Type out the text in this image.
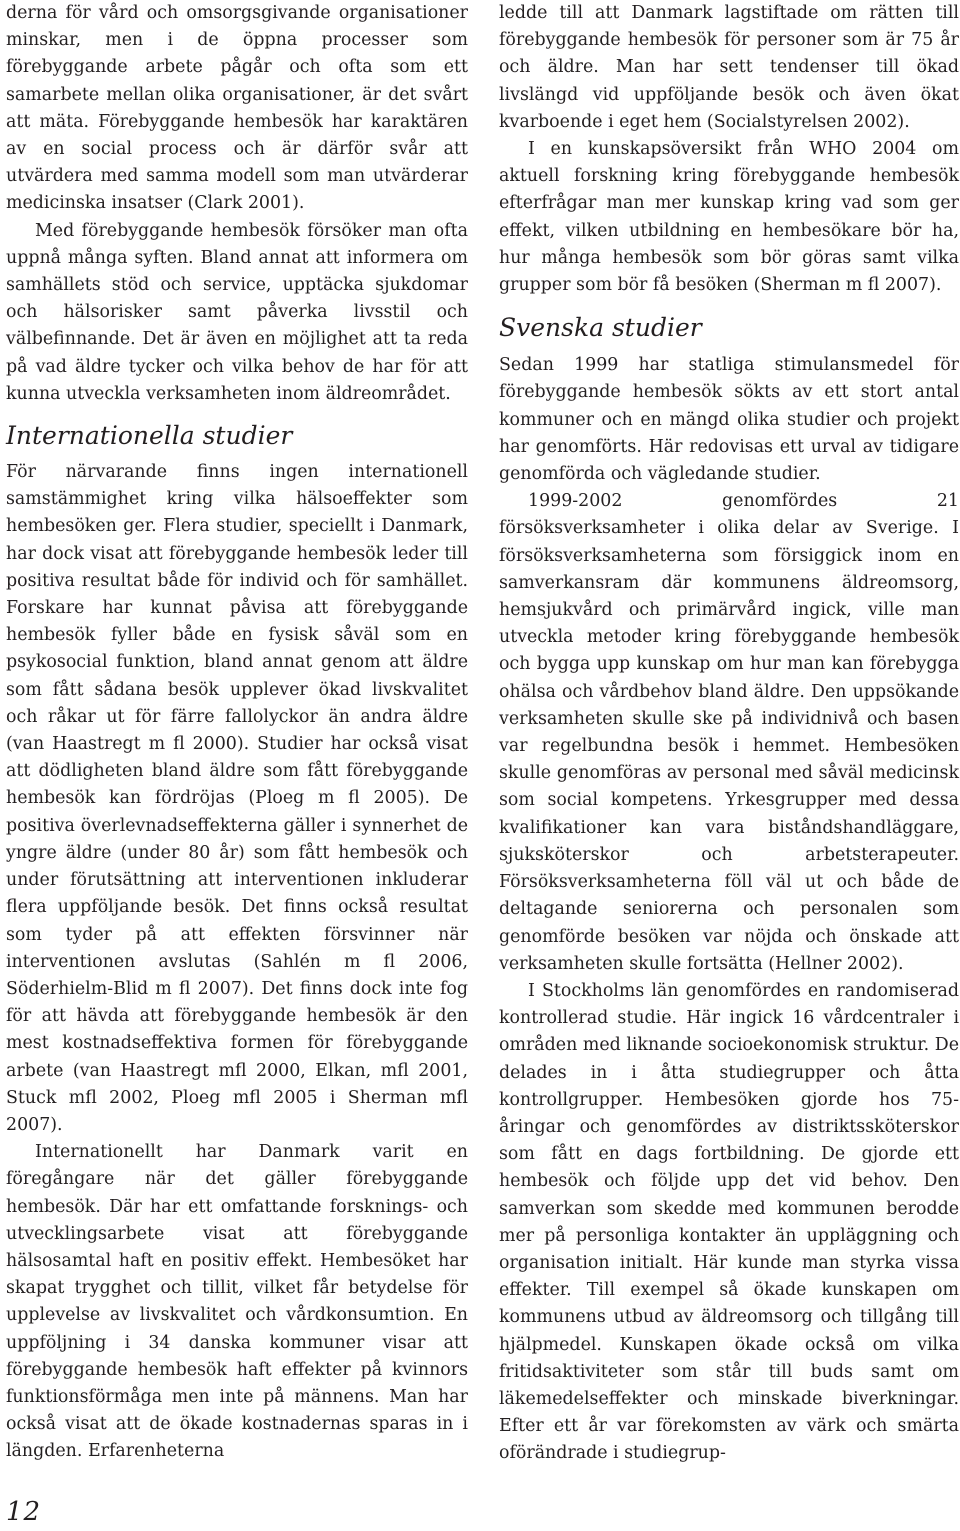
derna för vård och omsorgsgivande organisationer minskar, men i de öppna processer som förebyggande arbete pågår och ofta som ett samarbete mellan olika organisationer, är det svårt att mäta. Förebyggande hembesök har karaktären av en social process och är därför svår att utvärdera med samma modell som man utvärderar medicinska insatser (Clark 2001).

Med förebyggande hembesök försöker man ofta uppnå många syften. Bland annat att informera om samhällets stöd och service, upptäcka sjukdomar och hälsorisker samt påverka livsstil och välbefinnande. Det är även en möjlighet att ta reda på vad äldre tycker och vilka behov de har för att kunna utveckla verksamheten inom äldreområdet.

Internationella studier

För närvarande finns ingen internationell samstämmighet kring vilka hälsoeffekter som hembesöken ger. Flera studier, speciellt i Danmark, har dock visat att förebyggande hembesök leder till positiva resultat både för individ och för samhället. Forskare har kunnat påvisa att förebyggande hembesök fyller både en fysisk såväl som en psykosocial funktion, bland annat genom att äldre som fått sådana besök upplever ökad livskvalitet och råkar ut för färre fallolyckor än andra äldre (van Haastregt m fl 2000). Studier har också visat att dödligheten bland äldre som fått förebyggande hembesök kan fördröjas (Ploeg m fl 2005). De positiva överlevnadseffekterna gäller i synnerhet de yngre äldre (under 80 år) som fått hembesök och under förutsättning att interventionen inkluderar flera uppföljande besök. Det finns också resultat som tyder på att effekten försvinner när interventionen avslutas (Sahlén m fl 2006, Söderhielm-Blid m fl 2007). Det finns dock inte fog för att hävda att förebyggande hembesök är den mest kostnadseffektiva formen för förebyggande arbete (van Haastregt mfl 2000, Elkan, mfl 2001, Stuck mfl 2002, Ploeg mfl 2005 i Sherman mfl 2007).

Internationellt har Danmark varit en föregångare när det gäller förebyggande hembesök. Där har ett omfattande forsknings- och utvecklingsarbete visat att förebyggande hälsosamtal haft en positiv effekt. Hembesöket har skapat trygghet och tillit, vilket får betydelse för upplevelse av livskvalitet och vårdkonsumtion. En uppföljning i 34 danska kommuner visar att förebyggande hembesök haft effekter på kvinnors funktionsförmåga men inte på männens. Man har också visat att de ökade kostnadernas sparas in i längden. Erfarenheterna

ledde till att Danmark lagstiftade om rätten till förebyggande hembesök för personer som är 75 år och äldre. Man har sett tendenser till ökad livslängd vid uppföljande besök och även ökat kvarboende i eget hem (Socialstyrelsen 2002).

I en kunskapsöversikt från WHO 2004 om aktuell forskning kring förebyggande hembesök efterfrågar man mer kunskap kring vad som ger effekt, vilken utbildning en hembesökare bör ha, hur många hembesök som bör göras samt vilka grupper som bör få besöken (Sherman m fl 2007).

Svenska studier

Sedan 1999 har statliga stimulansmedel för förebyggande hembesök sökts av ett stort antal kommuner och en mängd olika studier och projekt har genomförts. Här redovisas ett urval av tidigare genomförda och vägledande studier.

1999-2002 genomfördes 21 försöksverksamheter i olika delar av Sverige. I försöksverksamheterna som försiggick inom en samverkansram där kommunens äldreomsorg, hemsjukvård och primärvård ingick, ville man utveckla metoder kring förebyggande hembesök och bygga upp kunskap om hur man kan förebygga ohälsa och vårdbehov bland äldre. Den uppsökande verksamheten skulle ske på individnivå och basen var regelbundna besök i hemmet. Hembesöken skulle genomföras av personal med såväl medicinsk som social kompetens. Yrkesgrupper med dessa kvalifikationer kan vara biståndshandläggare, sjuksköterskor och arbetsterapeuter. Försöksverksamheterna föll väl ut och både de deltagande seniorerna och personalen som genomförde besöken var nöjda och önskade att verksamheten skulle fortsätta (Hellner 2002).

I Stockholms län genomfördes en randomiserad kontrollerad studie. Här ingick 16 vårdcentraler i områden med liknande socioekonomisk struktur. De delades in i åtta studiegrupper och åtta kontrollgrupper. Hembesöken gjorde hos 75-åringar och genomfördes av distriktssköterskor som fått en dags fortbildning. De gjorde ett hembesök och följde upp det vid behov. Den samverkan som skedde med kommunen berodde mer på personliga kontakter än uppläggning och organisation initialt. Här kunde man styrka vissa effekter. Till exempel så ökade kunskapen om kommunens utbud av äldreomsorg och tillgång till hjälpmedel. Kunskapen ökade också om vilka fritidsaktiviteter som står till buds samt om läkemedelseffekter och minskade biverkningar. Efter ett år var förekomsten av värk och smärta oförändrade i studiegrup-

12
